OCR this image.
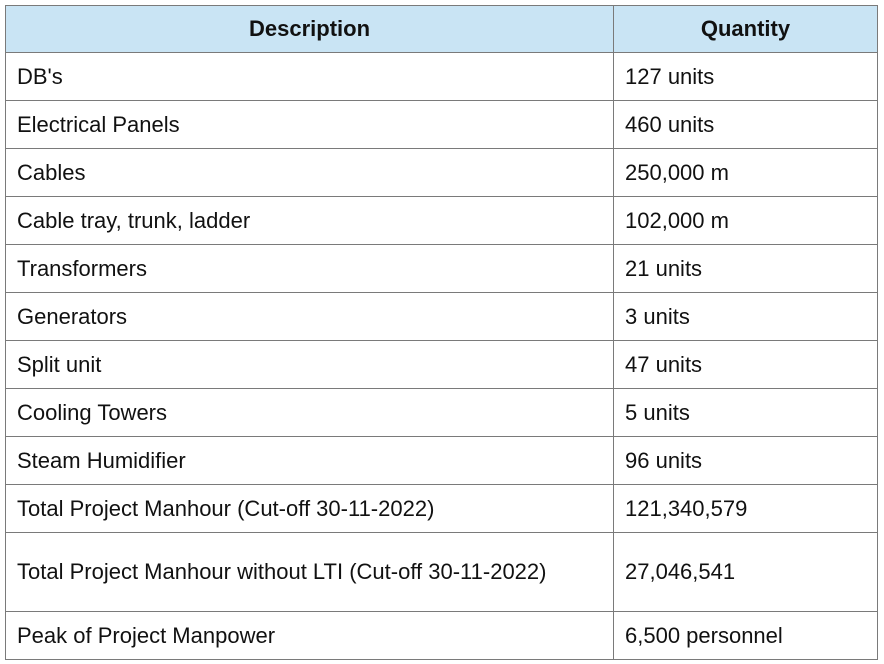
Description	Quantity
DB's	127 units
Electrical Panels	460 units
Cables	250,000 m
Cable tray, trunk, ladder	102,000 m
Transformers	21 units
Generators	3 units
Split unit	47 units
Cooling Towers	5 units
Steam Humidifier	96 units
Total Project Manhour (Cut-off 30-11-2022)	121,340,579
Total Project Manhour without LTI (Cut-off 30-11-2022)	27,046,541
Peak of Project Manpower	6,500 personnel
